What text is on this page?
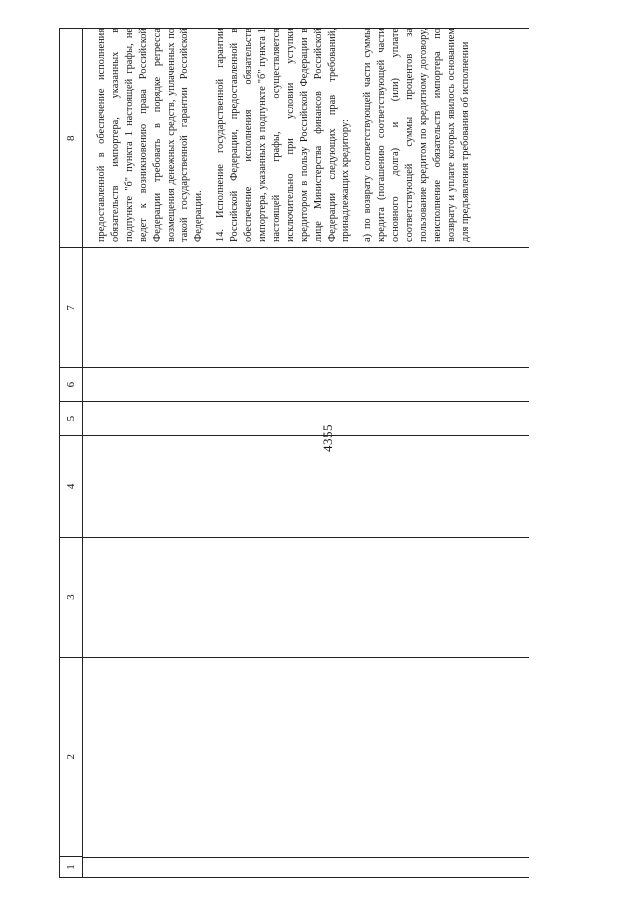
4355
1
2
3
4
5
6
7
8	предоставленной в обеспечение исполнения обязательств импортера, указанных в подпункте "б" пункта 1 настоящей графы, не ведет к возникновению права Российской Федерации требовать в порядке регресса возмещения денежных средств, уплаченных по такой государственной гарантии Российской Федерации. 14. Исполнение государственной гарантии Российской Федерации, предоставленной в обеспечение исполнения обязательств импортера, указанных в подпункте "б" пункта 1 настоящей графы, осуществляется исключительно при условии уступки кредитором в пользу Российской Федерации в лице Министерства финансов Российской Федерации следующих прав требований, принадлежащих кредитору: а) по возврату соответствующей части суммы кредита (погашению соответствующей части основного долга) и (или) уплате соответствующей суммы процентов за пользование кредитом по кредитному договору, неисполнение обязательств импортера по возврату и уплате которых явилось основанием для предъявления требования об исполнении
